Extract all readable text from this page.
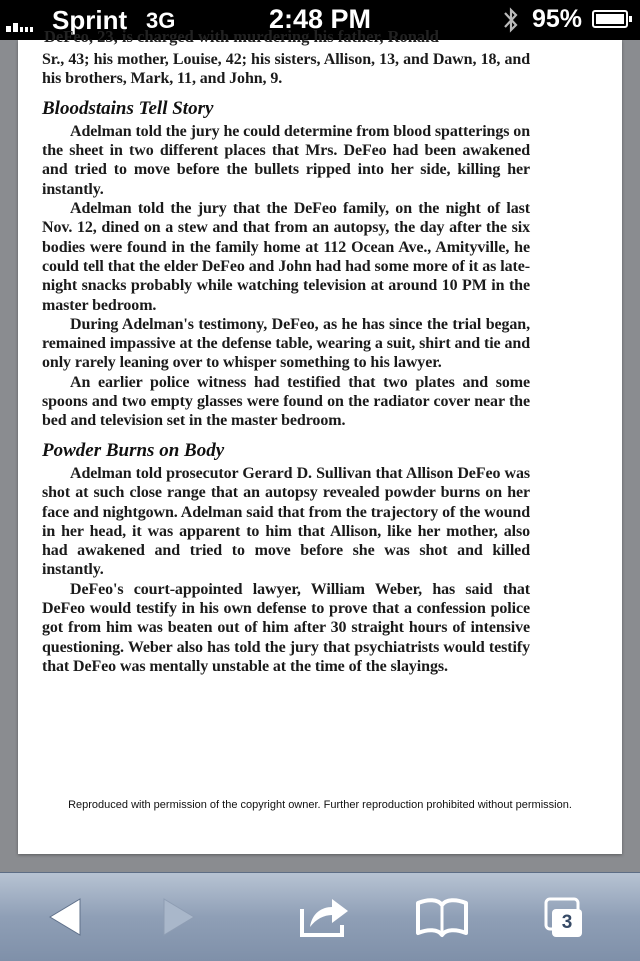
Sprint 3G	2:48 PM	95%
DeFeo, 23, is charged with murdering his father, Ronald

Sr., 43; his mother, Louise, 42; his sisters, Allison, 13, and Dawn, 18, and his brothers, Mark, 11, and John, 9.

Bloodstains Tell Story

Adelman told the jury he could determine from blood spatterings on the sheet in two different places that Mrs. DeFeo had been awakened and tried to move before the bullets ripped into her side, killing her instantly.

Adelman told the jury that the DeFeo family, on the night of last Nov. 12, dined on a stew and that from an autopsy, the day after the six bodies were found in the family home at 112 Ocean Ave., Amityville, he could tell that the elder DeFeo and John had had some more of it as late-night snacks probably while watching television at around 10 PM in the master bedroom.

During Adelman's testimony, DeFeo, as he has since the trial began, remained impassive at the defense table, wearing a suit, shirt and tie and only rarely leaning over to whisper something to his lawyer.

An earlier police witness had testified that two plates and some spoons and two empty glasses were found on the radiator cover near the bed and television set in the master bedroom.

Powder Burns on Body

Adelman told prosecutor Gerard D. Sullivan that Allison DeFeo was shot at such close range that an autopsy revealed powder burns on her face and nightgown. Adelman said that from the trajectory of the wound in her head, it was apparent to him that Allison, like her mother, also had awakened and tried to move before she was shot and killed instantly.

DeFeo's court-appointed lawyer, William Weber, has said that DeFeo would testify in his own defense to prove that a confession police got from him was beaten out of him after 30 straight hours of intensive questioning. Weber also has told the jury that psychiatrists would testify that DeFeo was mentally unstable at the time of the slayings.

Reproduced with permission of the copyright owner. Further reproduction prohibited without permission.
3
